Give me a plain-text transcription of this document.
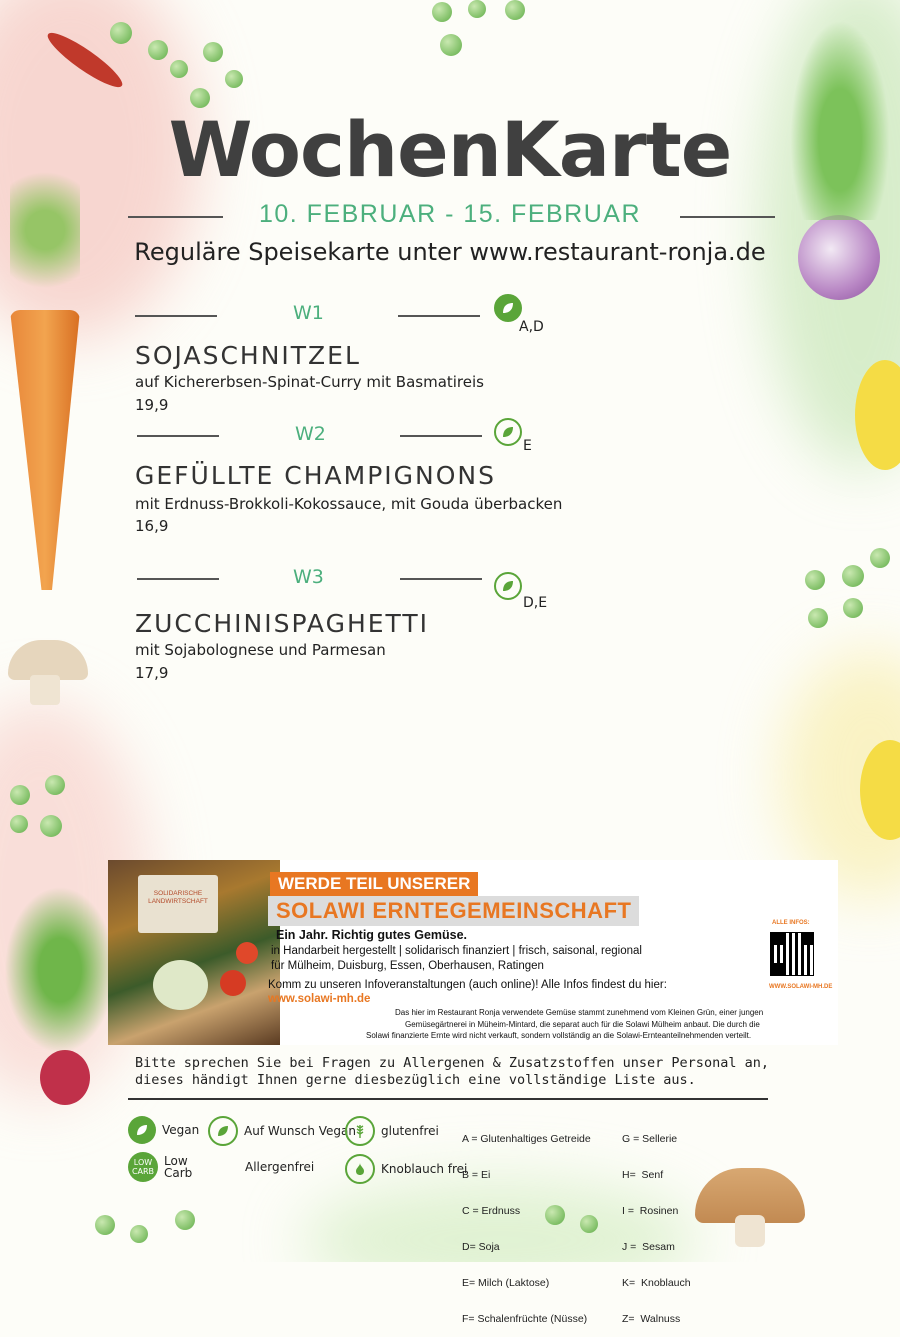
WochenKarte
10. FEBRUAR - 15. FEBRUAR
Reguläre Speisekarte unter www.restaurant-ronja.de
W1
A,D
SOJASCHNITZEL
auf Kichererbsen-Spinat-Curry mit Basmatireis
19,9
W2
E
GEFÜLLTE CHAMPIGNONS
mit Erdnuss-Brokkoli-Kokossauce, mit Gouda überbacken
16,9
W3
D,E
ZUCCHINISPAGHETTI
mit Sojabolognese und Parmesan
17,9
SOLIDARISCHE LANDWIRTSCHAFT
WERDE TEIL UNSERER
SOLAWI ERNTEGEMEINSCHAFT
Ein Jahr. Richtig gutes Gemüse.
in Handarbeit hergestellt | solidarisch finanziert | frisch, saisonal, regional
für Mülheim, Duisburg, Essen, Oberhausen, Ratingen
Komm zu unseren Infoveranstaltungen (auch online)! Alle Infos findest du hier:
www.solawi-mh.de
ALLE INFOS:
WWW.SOLAWI-MH.DE
Das hier im Restaurant Ronja verwendete Gemüse stammt zunehmend vom Kleinen Grün, einer jungen
Gemüsegärtnerei in Müheim-Mintard, die separat auch für die Solawi Mülheim anbaut. Die durch die
Solawi finanzierte Ernte wird nicht verkauft, sondern vollständig an die Solawi-Ernteanteilnehmenden verteilt.
Bitte sprechen Sie bei Fragen zu Allergenen & Zusatzstoffen unser Personal an,
dieses händigt Ihnen gerne diesbezüglich eine vollständige Liste aus.
Vegan	Auf Wunsch Vegan glutenfrei
LOW CARB
Low Carb	Allergenfrei	Knoblauch frei

A = Glutenhaltiges Getreide

B = Ei

C = Erdnuss

D= Soja

E= Milch (Laktose)

F= Schalenfrüchte (Nüsse)

G = Sellerie

H=  Senf

I =  Rosinen

J =  Sesam

K=  Knoblauch

Z=  Walnuss
